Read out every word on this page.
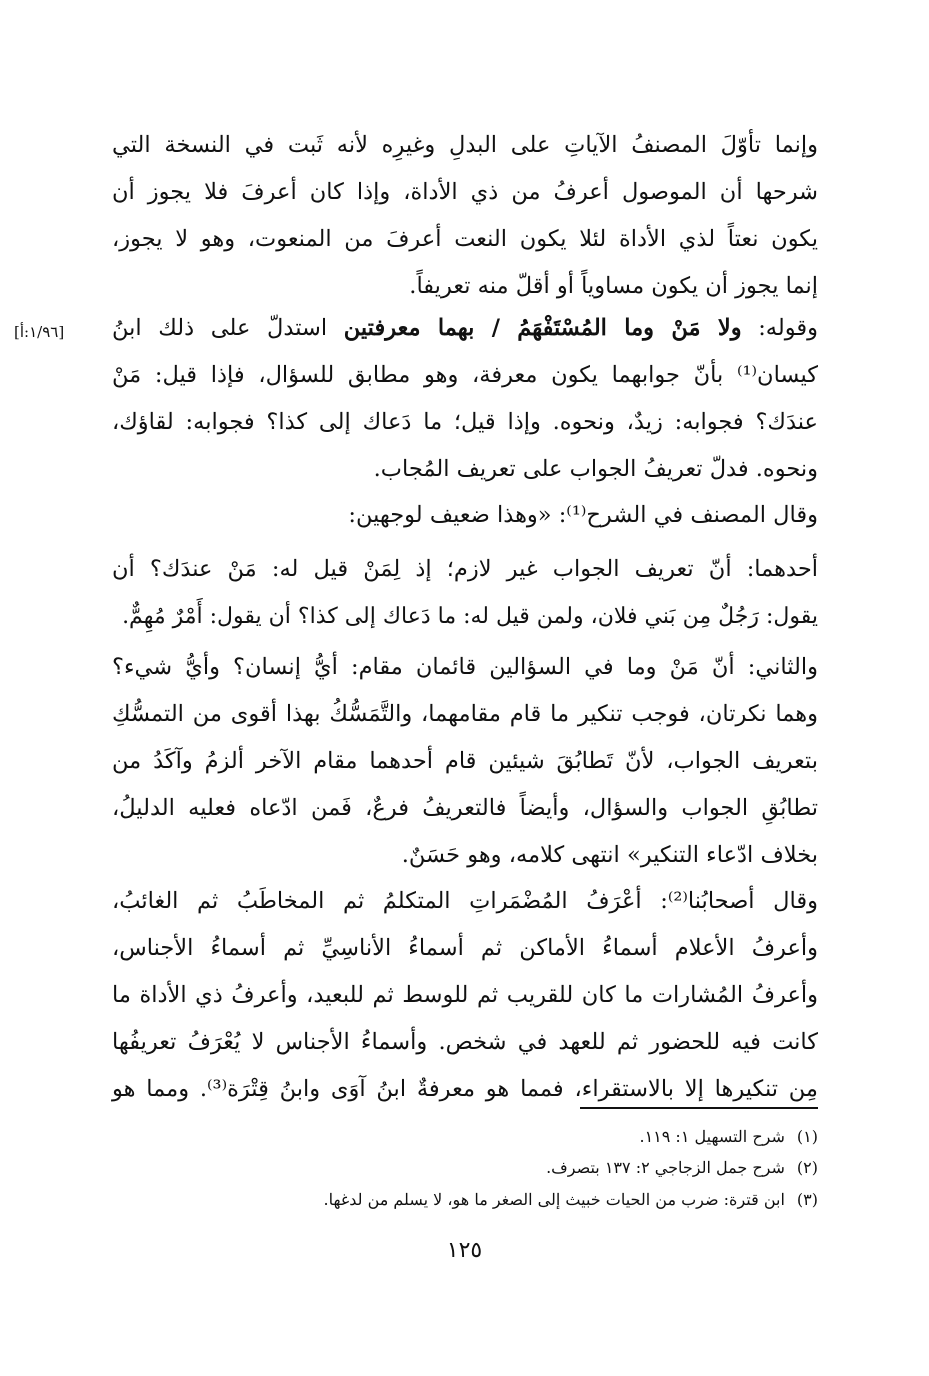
وإنما تأوّلَ المصنفُ الآياتِ على البدلِ وغيرِه لأنه ثَبت في النسخة التي
شرحها أن الموصول أعرفُ من ذي الأداة، وإذا كان أعرفَ فلا يجوز أن
يكون نعتاً لذي الأداة لئلا يكون النعت أعرفَ من المنعوت، وهو لا يجوز،
إنما يجوز أن يكون مساوياً أو أقلّ منه تعريفاً.
[١/٩٦:أ]	وقوله: ولا مَنْ وما المُسْتَفْهَمُ / بهما معرفتين استدلّ على ذلك ابنُ
كيسان⁽¹⁾ بأنّ جوابهما يكون معرفة، وهو مطابق للسؤال، فإذا قيل: مَنْ
عندَك؟ فجوابه: زيدٌ، ونحوه. وإذا قيل؛ ما دَعاك إلى كذا؟ فجوابه: لقاؤك،
ونحوه. فدلّ تعريفُ الجواب على تعريف المُجاب.
وقال المصنف في الشرح⁽¹⁾: «وهذا ضعيف لوجهين:
أحدهما: أنّ تعريف الجواب غير لازم؛ إذ لِمَنْ قيل له: مَنْ عندَك؟ أن
يقول: رَجُلٌ مِن بَني فلان، ولمن قيل له: ما دَعاك إلى كذا؟ أن يقول: أَمْرٌ مُهِمٌّ.
والثاني: أنّ مَنْ وما في السؤالين قائمان مقام: أيُّ إنسان؟ وأيُّ شيء؟
وهما نكرتان، فوجب تنكير ما قام مقامهما، والتَّمَسُّكُ بهذا أقوى من التمسُّكِ
بتعريف الجواب، لأنّ تَطابُقَ شيئين قام أحدهما مقام الآخر ألزمُ وآكَدُ من
تطابُقِ الجواب والسؤال، وأيضاً فالتعريفُ فرعٌ، فَمن ادّعاه فعليه الدليلُ،
بخلاف ادّعاء التنكير» انتهى كلامه، وهو حَسَنٌ.
وقال أصحابُنا⁽²⁾: أعْرَفُ المُضْمَراتِ المتكلمُ ثم المخاطَبُ ثم الغائبُ،
وأعرفُ الأعلام أسماءُ الأماكن ثم أسماءُ الأناسِيِّ ثم أسماءُ الأجناس،
وأعرفُ المُشارات ما كان للقريب ثم للوسط ثم للبعيد، وأعرفُ ذي الأداة ما
كانت فيه للحضور ثم للعهد في شخص. وأسماءُ الأجناس لا يُعْرَفُ تعريفُها
مِن تنكيرها إلا بالاستقراء، فمما هو معرفةٌ ابنُ آوَى وابنُ قِتْرَة⁽³⁾. ومما هو
(١)شرح التسهيل ١: ١١٩.
(٢)شرح جمل الزجاجي ٢: ١٣٧ بتصرف.
(٣)ابن قترة: ضرب من الحيات خبيث إلى الصغر ما هو، لا يسلم من لدغها.
١٢٥
